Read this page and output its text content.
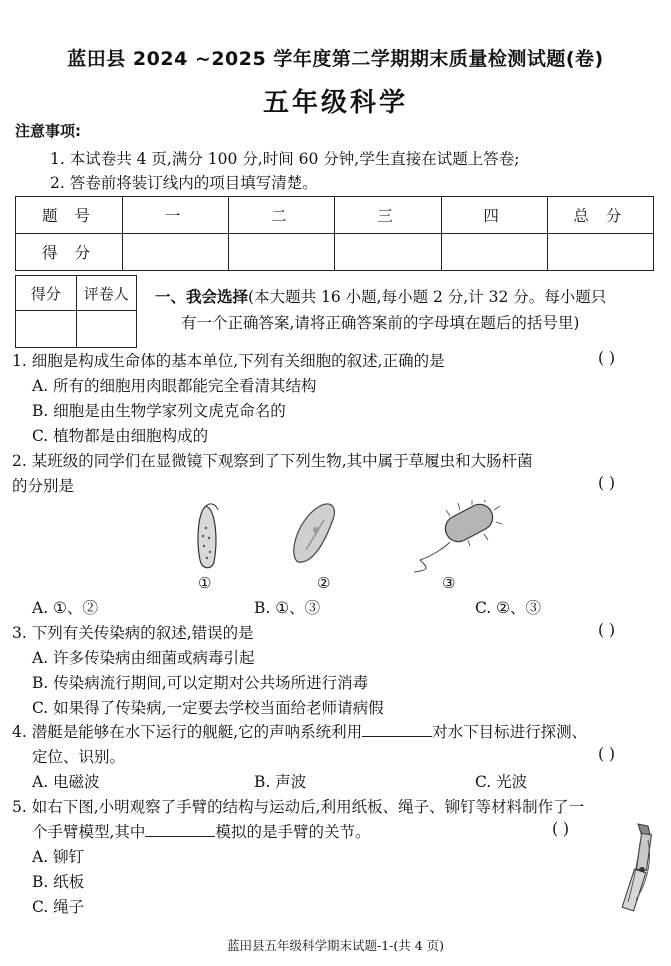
蓝田县 2024 ~2025 学年度第二学期期末质量检测试题(卷)
五年级科学
注意事项:
1. 本试卷共 4 页,满分 100 分,时间 60 分钟,学生直接在试题上答卷;
2. 答卷前将装订线内的项目填写清楚。
题 号	一	二	三	四	总 分
得 分					
得分	评卷人
	一、我会选择(本大题共 16 小题,每小题 2 分,计 32 分。每小题只
有一个正确答案,请将正确答案前的字母填在题后的括号里)
1. 细胞是构成生命体的基本单位,下列有关细胞的叙述,正确的是	( )
A. 所有的细胞用肉眼都能完全看清其结构
B. 细胞是由生物学家列文虎克命名的
C. 植物都是由细胞构成的
2. 某班级的同学们在显微镜下观察到了下列生物,其中属于草履虫和大肠杆菌
的分别是	( )
①	②	③
A. ①、②	B. ①、③	C. ②、③
3. 下列有关传染病的叙述,错误的是	( )
A. 许多传染病由细菌或病毒引起
B. 传染病流行期间,可以定期对公共场所进行消毒
C. 如果得了传染病,一定要去学校当面给老师请病假
4. 潜艇是能够在水下运行的舰艇,它的声呐系统利用	对水下目标进行探测、
定位、识别。	( )
A. 电磁波	B. 声波	C. 光波
5. 如右下图,小明观察了手臂的结构与运动后,利用纸板、绳子、铆钉等材料制作了一
个手臂模型,其中	模拟的是手臂的关节。	( )
A. 铆钉
B. 纸板
C. 绳子
蓝田县五年级科学期末试题-1-(共 4 页)
